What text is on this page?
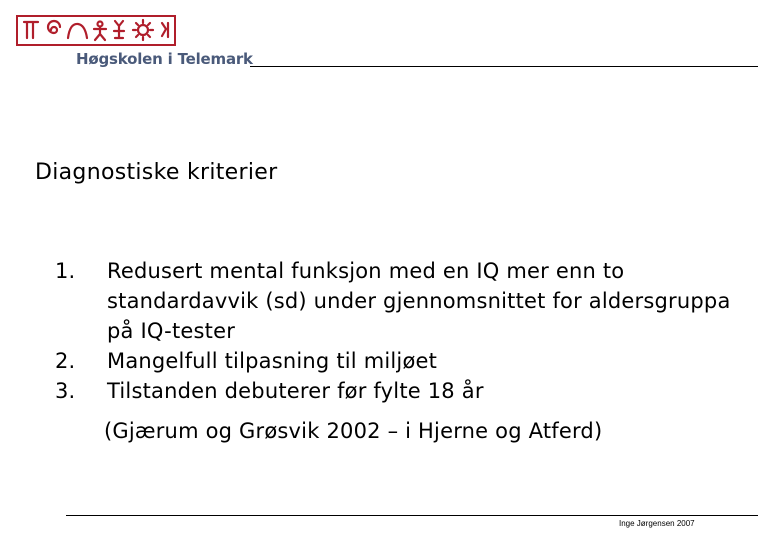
Høgskolen i Telemark
Diagnostiske kriterier
1.	Redusert mental funksjon med en IQ mer enn to standardavvik (sd) under gjennomsnittet for aldersgruppa på IQ-tester
2.	Mangelfull tilpasning til miljøet
3.	Tilstanden debuterer før fylte 18 år
(Gjærum og Grøsvik 2002 – i Hjerne og Atferd)
Inge Jørgensen 2007
